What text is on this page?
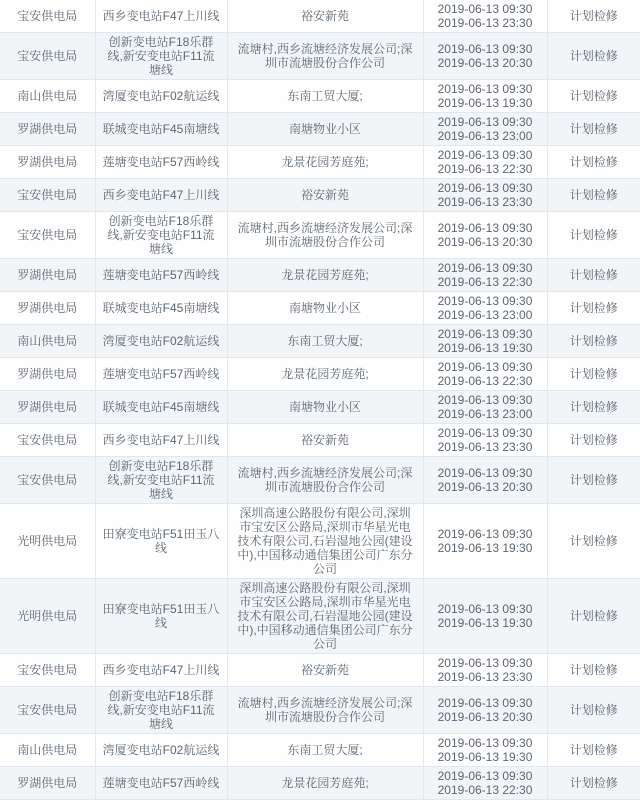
宝安供电局	西乡变电站F47上川线	裕安新苑	2019-06-13 09:30
2019-06-13 23:30	计划检修
宝安供电局	创新变电站F18乐群线,新安变电站F11流塘线	流塘村,西乡流塘经济发展公司;深圳市流塘股份合作公司	2019-06-13 09:30
2019-06-13 20:30	计划检修
南山供电局	湾厦变电站F02航运线	东南工贸大厦;	2019-06-13 09:30
2019-06-13 19:30	计划检修
罗湖供电局	联城变电站F45南塘线	南塘物业小区	2019-06-13 09:30
2019-06-13 23:00	计划检修
罗湖供电局	莲塘变电站F57西岭线	龙景花园芳庭苑;	2019-06-13 09:30
2019-06-13 22:30	计划检修
宝安供电局	西乡变电站F47上川线	裕安新苑	2019-06-13 09:30
2019-06-13 23:30	计划检修
宝安供电局	创新变电站F18乐群线,新安变电站F11流塘线	流塘村,西乡流塘经济发展公司;深圳市流塘股份合作公司	2019-06-13 09:30
2019-06-13 20:30	计划检修
罗湖供电局	莲塘变电站F57西岭线	龙景花园芳庭苑;	2019-06-13 09:30
2019-06-13 22:30	计划检修
罗湖供电局	联城变电站F45南塘线	南塘物业小区	2019-06-13 09:30
2019-06-13 23:00	计划检修
南山供电局	湾厦变电站F02航运线	东南工贸大厦;	2019-06-13 09:30
2019-06-13 19:30	计划检修
罗湖供电局	莲塘变电站F57西岭线	龙景花园芳庭苑;	2019-06-13 09:30
2019-06-13 22:30	计划检修
罗湖供电局	联城变电站F45南塘线	南塘物业小区	2019-06-13 09:30
2019-06-13 23:00	计划检修
宝安供电局	西乡变电站F47上川线	裕安新苑	2019-06-13 09:30
2019-06-13 23:30	计划检修
宝安供电局	创新变电站F18乐群线,新安变电站F11流塘线	流塘村,西乡流塘经济发展公司;深圳市流塘股份合作公司	2019-06-13 09:30
2019-06-13 20:30	计划检修
光明供电局	田寮变电站F51田玉八线	深圳高速公路股份有限公司,深圳市宝安区公路局,深圳市华星光电技术有限公司,石岩湿地公园(建设中),中国移动通信集团公司广东分公司	2019-06-13 09:30
2019-06-13 19:30	计划检修
光明供电局	田寮变电站F51田玉八线	深圳高速公路股份有限公司,深圳市宝安区公路局,深圳市华星光电技术有限公司,石岩湿地公园(建设中),中国移动通信集团公司广东分公司	2019-06-13 09:30
2019-06-13 19:30	计划检修
宝安供电局	西乡变电站F47上川线	裕安新苑	2019-06-13 09:30
2019-06-13 23:30	计划检修
宝安供电局	创新变电站F18乐群线,新安变电站F11流塘线	流塘村,西乡流塘经济发展公司;深圳市流塘股份合作公司	2019-06-13 09:30
2019-06-13 20:30	计划检修
南山供电局	湾厦变电站F02航运线	东南工贸大厦;	2019-06-13 09:30
2019-06-13 19:30	计划检修
罗湖供电局	莲塘变电站F57西岭线	龙景花园芳庭苑;	2019-06-13 09:30
2019-06-13 22:30	计划检修
